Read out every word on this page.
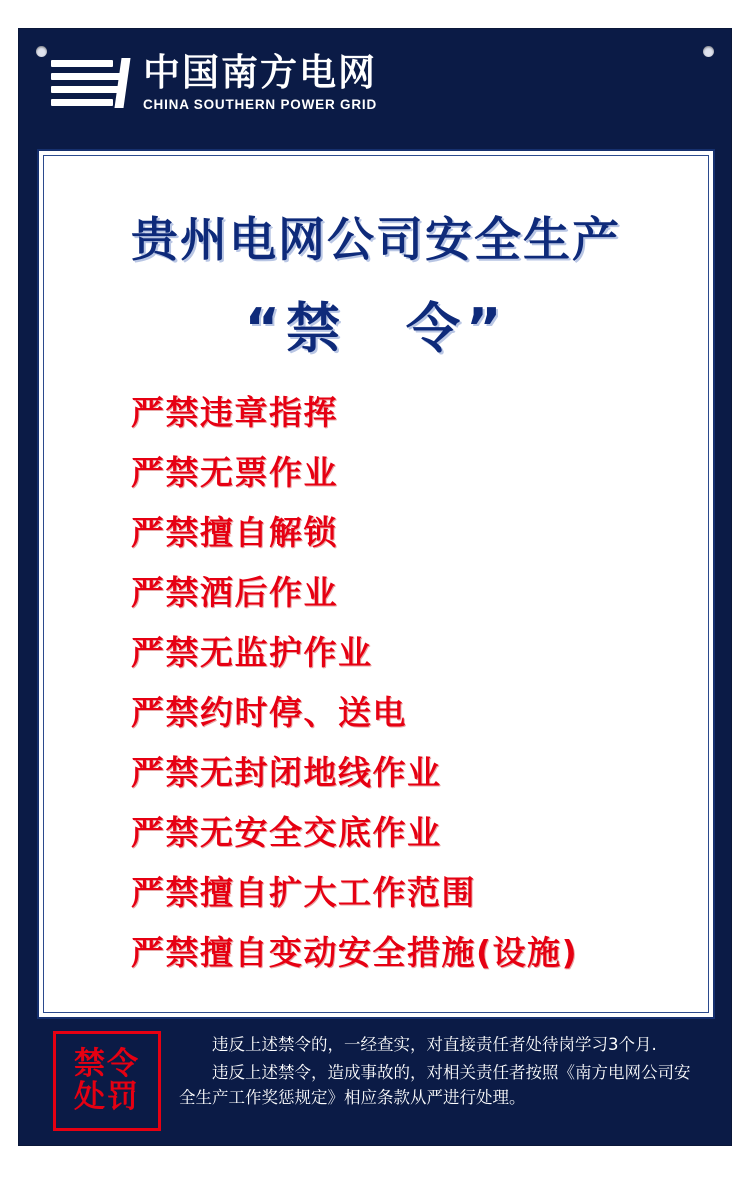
中国南方电网
CHINA SOUTHERN POWER GRID
贵州电网公司安全生产
“禁　令”
严禁违章指挥
严禁无票作业
严禁擅自解锁
严禁酒后作业
严禁无监护作业
严禁约时停、送电
严禁无封闭地线作业
严禁无安全交底作业
严禁擅自扩大工作范围
严禁擅自变动安全措施(设施)
禁令
处罚

违反上述禁令的，一经查实，对直接责任者处待岗学习3个月.

违反上述禁令，造成事故的，对相关责任者按照《南方电网公司安全生产工作奖惩规定》相应条款从严进行处理。
